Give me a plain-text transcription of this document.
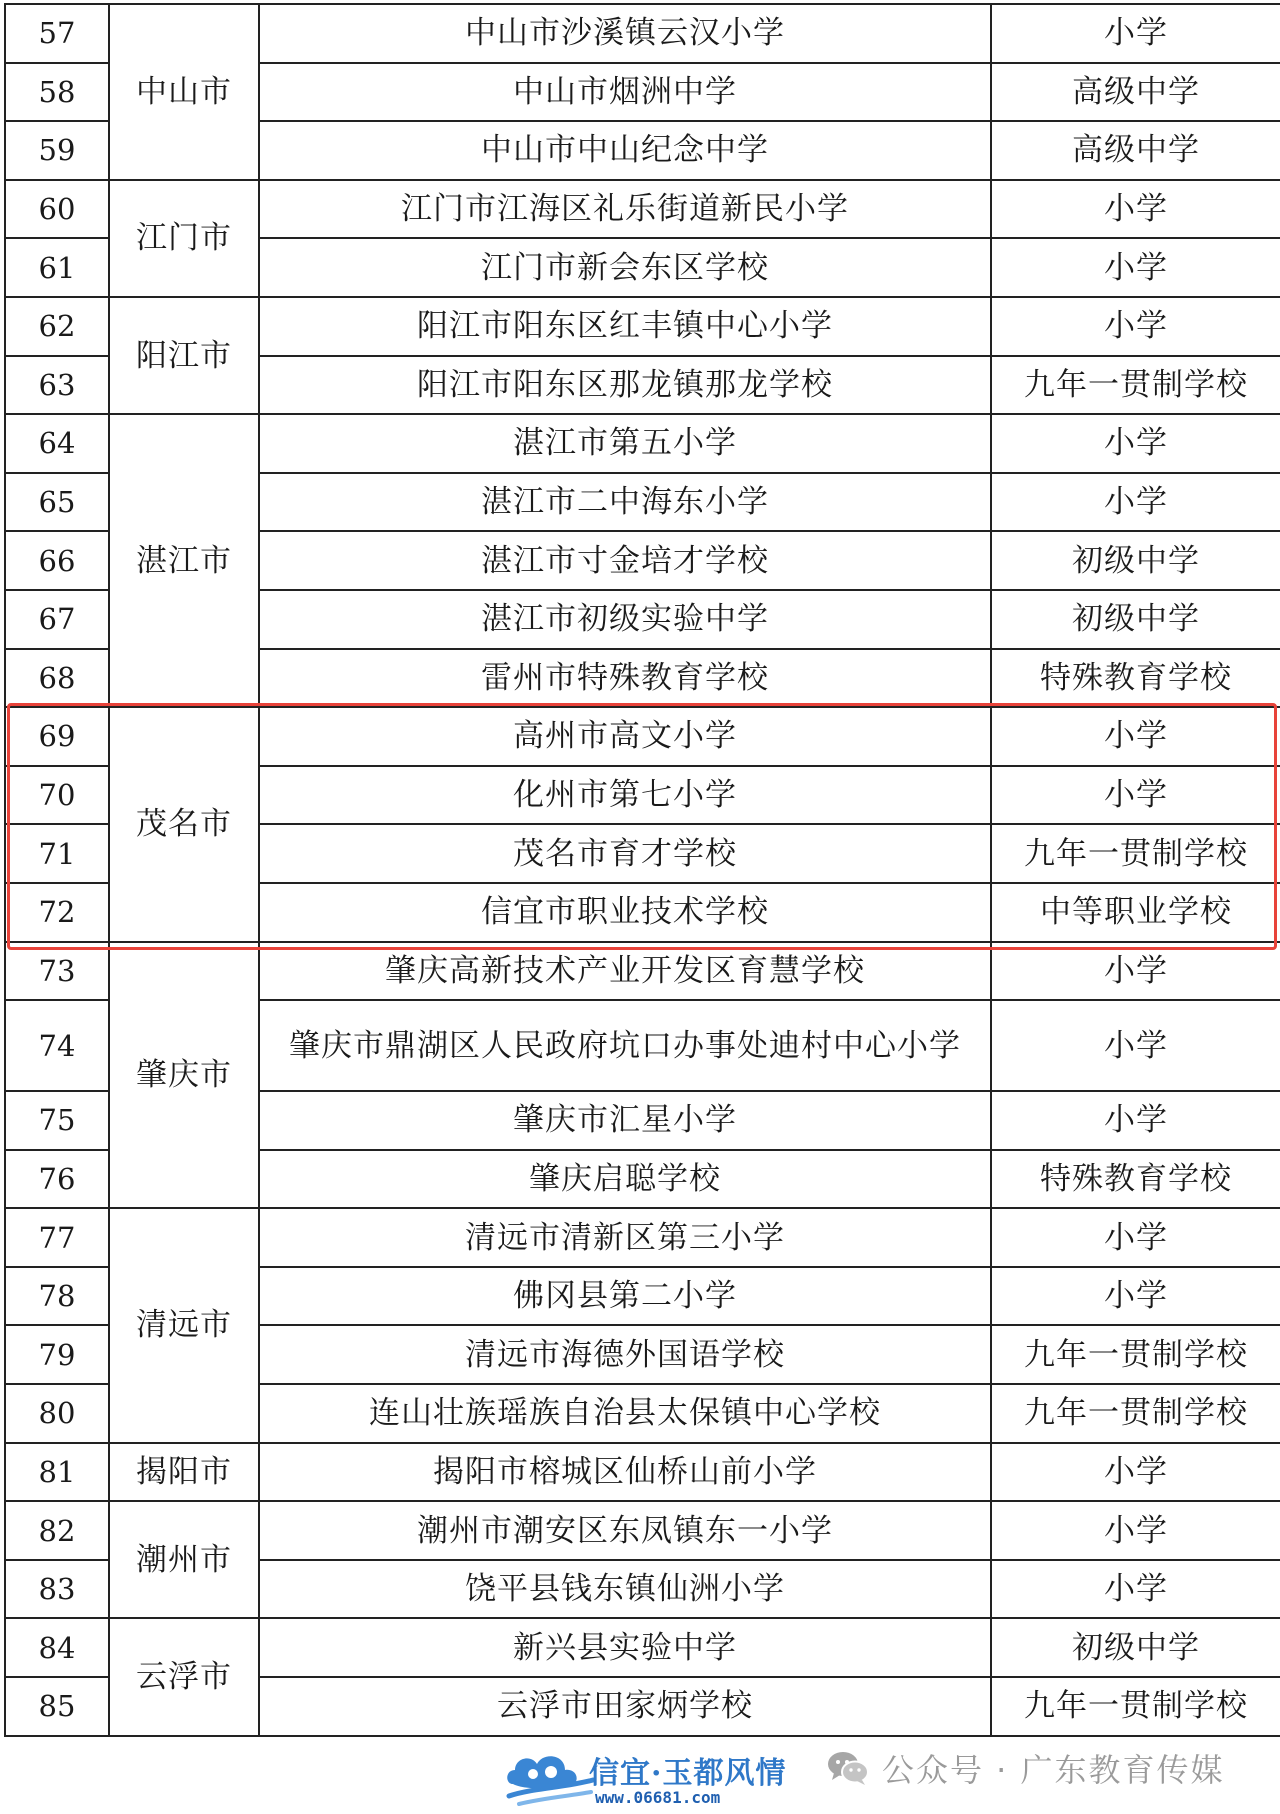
57	中山市	中山市沙溪镇云汉小学	小学
58		中山市烟洲中学	高级中学
59		中山市中山纪念中学	高级中学
60	江门市	江门市江海区礼乐街道新民小学	小学
61		江门市新会东区学校	小学
62	阳江市	阳江市阳东区红丰镇中心小学	小学
63		阳江市阳东区那龙镇那龙学校	九年一贯制学校
64	湛江市	湛江市第五小学	小学
65		湛江市二中海东小学	小学
66		湛江市寸金培才学校	初级中学
67		湛江市初级实验中学	初级中学
68		雷州市特殊教育学校	特殊教育学校
69	茂名市	高州市高文小学	小学
70		化州市第七小学	小学
71		茂名市育才学校	九年一贯制学校
72		信宜市职业技术学校	中等职业学校
73	肇庆市	肇庆高新技术产业开发区育慧学校	小学
74		肇庆市鼎湖区人民政府坑口办事处迪村中心小学	小学
75		肇庆市汇星小学	小学
76		肇庆启聪学校	特殊教育学校
77	清远市	清远市清新区第三小学	小学
78		佛冈县第二小学	小学
79		清远市海德外国语学校	九年一贯制学校
80		连山壮族瑶族自治县太保镇中心学校	九年一贯制学校
81	揭阳市	揭阳市榕城区仙桥山前小学	小学
82	潮州市	潮州市潮安区东凤镇东一小学	小学
83		饶平县钱东镇仙洲小学	小学
84	云浮市	新兴县实验中学	初级中学
85		云浮市田家炳学校	九年一贯制学校
信宜·玉都风情
www.06681.com
公众号 · 广东教育传媒
